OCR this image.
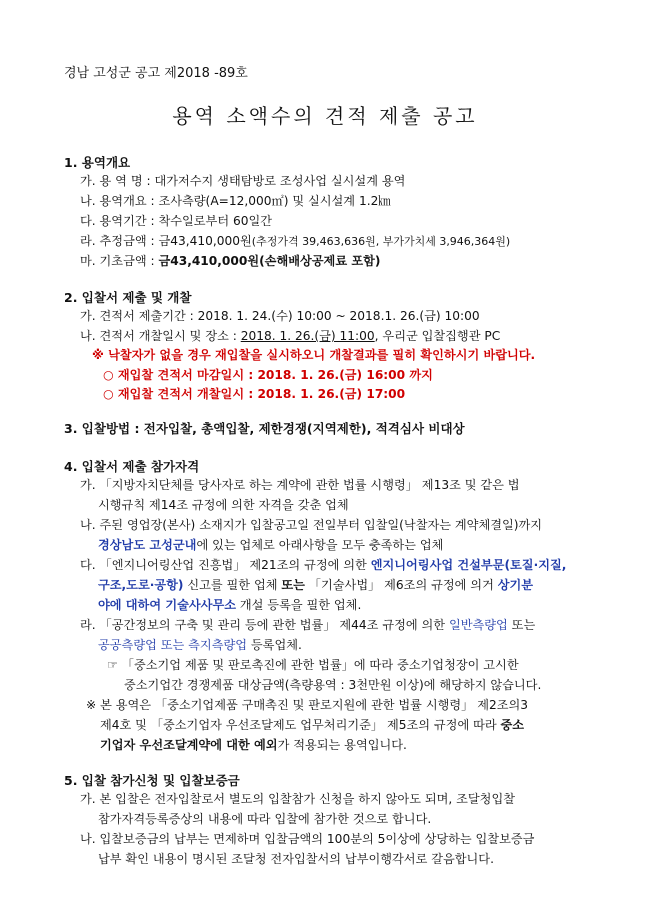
경남 고성군 공고 제2018 -89호
용역 소액수의 견적 제출 공고
1. 용역개요
가. 용 역 명 : 대가저수지 생태탐방로 조성사업 실시설계 용역
나. 용역개요 : 조사측량(A=12,000㎡) 및 실시설계 1.2㎞
다. 용역기간 : 착수일로부터 60일간
라. 추정금액 : 금43,410,000원(추정가격 39,463,636원, 부가가치세 3,946,364원)
마. 기초금액 : 금43,410,000원(손해배상공제료 포함)
2. 입찰서 제출 및 개찰
가. 견적서 제출기간 : 2018. 1. 24.(수) 10:00 ~ 2018.1. 26.(금) 10:00
나. 견적서 개찰일시 및 장소 : 2018. 1. 26.(금) 11:00, 우리군 입찰집행관 PC
※ 낙찰자가 없을 경우 재입찰을 실시하오니 개찰결과를 필히 확인하시기 바랍니다.
○ 재입찰 견적서 마감일시 : 2018. 1. 26.(금) 16:00 까지
○ 재입찰 견적서 개찰일시 : 2018. 1. 26.(금) 17:00
3. 입찰방법 : 전자입찰, 총액입찰, 제한경쟁(지역제한), 적격심사 비대상
4. 입찰서 제출 참가자격
가. 「지방자치단체를 당사자로 하는 계약에 관한 법률 시행령」 제13조 및 같은 법
시행규칙 제14조 규정에 의한 자격을 갖춘 업체
나. 주된 영업장(본사) 소재지가 입찰공고일 전일부터 입찰일(낙찰자는 계약체결일)까지
경상남도 고성군내에 있는 업체로 아래사항을 모두 충족하는 업체
다. 「엔지니어링산업 진흥법」 제21조의 규정에 의한 엔지니어링사업 건설부문(토질·지질,
구조,도로·공항) 신고를 필한 업체 또는 「기술사법」 제6조의 규정에 의거 상기분
야에 대하여 기술사사무소 개설 등록을 필한 업체.
라. 「공간정보의 구축 및 관리 등에 관한 법률」 제44조 규정에 의한 일반측량업 또는
공공측량업 또는 측지측량업 등록업체.
☞ 「중소기업 제품 및 판로촉진에 관한 법률」에 따라 중소기업청장이 고시한
중소기업간 경쟁제품 대상금액(측량용역 : 3천만원 이상)에 해당하지 않습니다.
※ 본 용역은 「중소기업제품 구매촉진 및 판로지원에 관한 법률 시행령」 제2조의3
제4호 및 「중소기업자 우선조달제도 업무처리기준」 제5조의 규정에 따라 중소
기업자 우선조달계약에 대한 예외가 적용되는 용역입니다.
5. 입찰 참가신청 및 입찰보증금
가. 본 입찰은 전자입찰로서 별도의 입찰참가 신청을 하지 않아도 되며, 조달청입찰
참가자격등록증상의 내용에 따라 입찰에 참가한 것으로 합니다.
나. 입찰보증금의 납부는 면제하며 입찰금액의 100분의 5이상에 상당하는 입찰보증금
납부 확인 내용이 명시된 조달청 전자입찰서의 납부이행각서로 갈음합니다.
